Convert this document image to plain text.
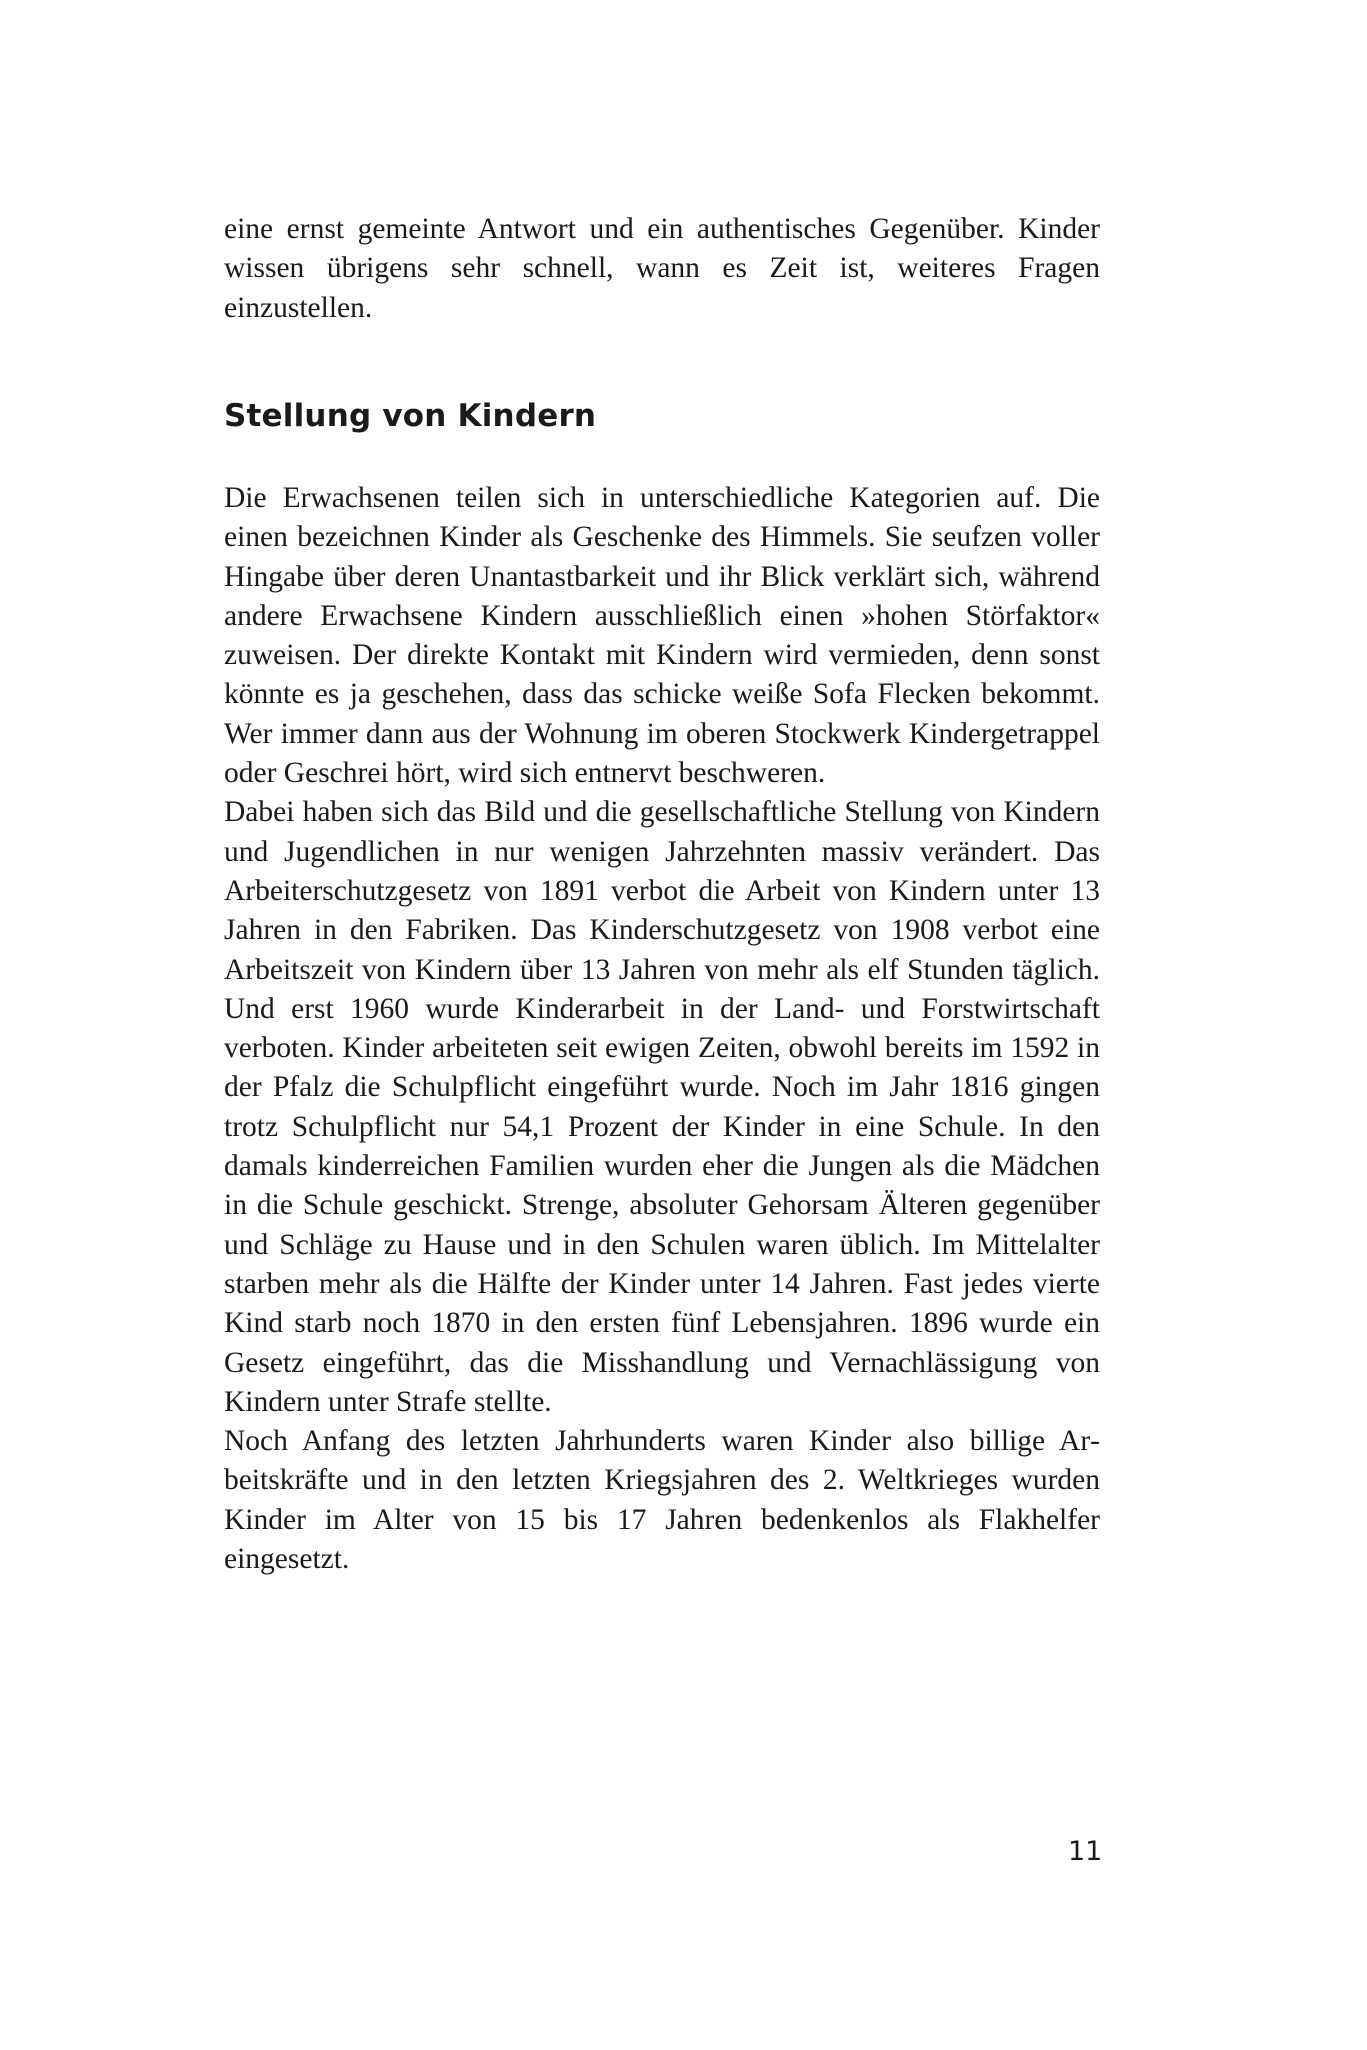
eine ernst gemeinte Antwort und ein authentisches Gegenüber. Kinder wissen übrigens sehr schnell, wann es Zeit ist, weiteres Fragen einzustellen.

Stellung von Kindern

Die Erwachsenen teilen sich in unterschiedliche Kategorien auf. Die einen bezeichnen Kinder als Geschenke des Himmels. Sie seufzen voller Hingabe über deren Unantastbarkeit und ihr Blick verklärt sich, während andere Erwachsene Kindern ausschließlich einen »hohen Störfaktor« zuweisen. Der direkte Kontakt mit Kindern wird vermieden, denn sonst könnte es ja geschehen, dass das schicke weiße Sofa Flecken bekommt. Wer immer dann aus der Wohnung im oberen Stockwerk Kindergetrappel oder Geschrei hört, wird sich entnervt beschweren.

Dabei haben sich das Bild und die gesellschaftliche Stellung von Kindern und Jugendlichen in nur wenigen Jahrzehnten massiv verändert. Das Arbeiterschutzgesetz von 1891 verbot die Arbeit von Kindern unter 13 Jahren in den Fabriken. Das Kinderschutzgesetz von 1908 verbot eine Arbeitszeit von Kindern über 13 Jahren von mehr als elf Stunden täglich. Und erst 1960 wurde Kinderarbeit in der Land- und Forstwirtschaft verboten. Kinder arbeiteten seit ewigen Zeiten, obwohl bereits im 1592 in der Pfalz die Schulpflicht eingeführt wurde. Noch im Jahr 1816 gingen trotz Schulpflicht nur 54,1 Prozent der Kinder in eine Schule. In den damals kinderreichen Familien wurden eher die Jungen als die Mädchen in die Schule geschickt. Strenge, absoluter Gehorsam Älteren gegenüber und Schläge zu Hause und in den Schulen waren üblich. Im Mittelalter starben mehr als die Hälfte der Kinder unter 14 Jahren. Fast jedes vierte Kind starb noch 1870 in den ersten fünf Lebensjahren. 1896 wurde ein Gesetz eingeführt, das die Misshandlung und Vernachlässigung von Kindern unter Strafe stellte.

Noch Anfang des letzten Jahrhunderts waren Kinder also billige Arbeitskräfte und in den letzten Kriegsjahren des 2. Weltkrieges wurden Kinder im Alter von 15 bis 17 Jahren bedenkenlos als Flakhelfer eingesetzt.

11
